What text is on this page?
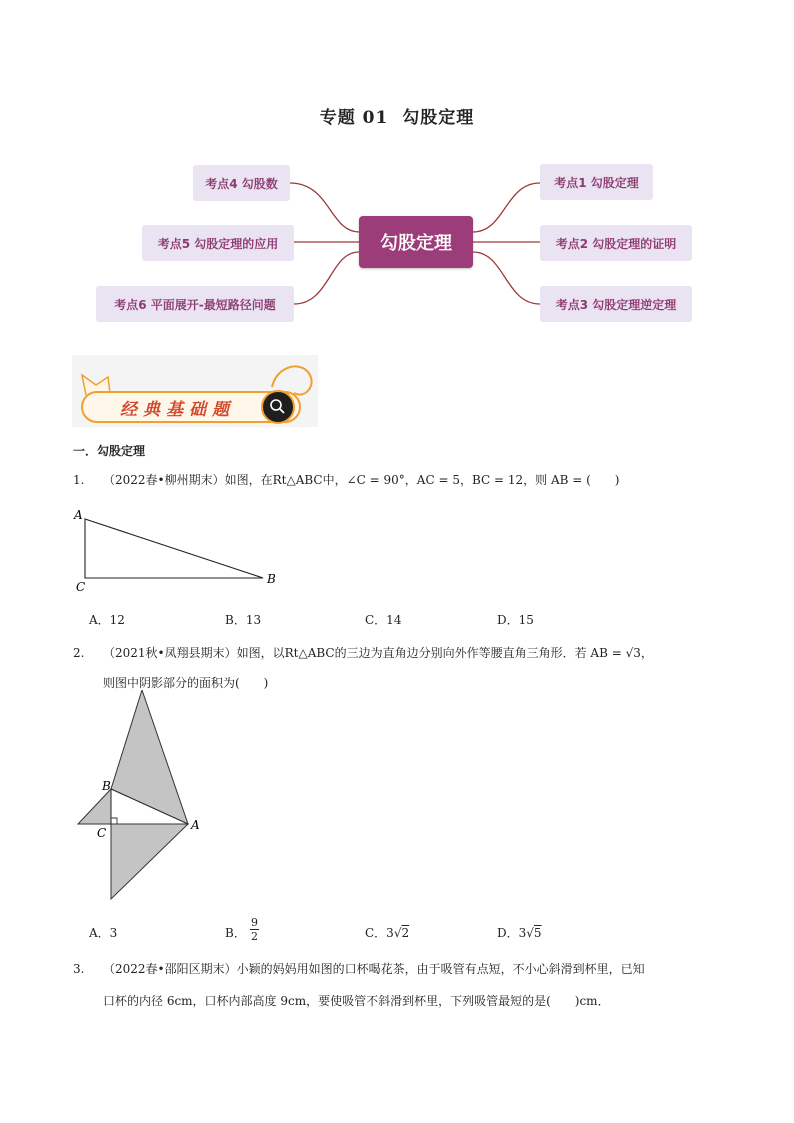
专题 01 勾股定理
勾股定理
考点4 勾股数
考点5 勾股定理的应用
考点6 平面展开-最短路径问题
考点1 勾股定理
考点2 勾股定理的证明
考点3 勾股定理逆定理
经典基础题
一．勾股定理
1. （2022春•柳州期末）如图，在Rt△ABC中，∠C = 90°，AC = 5，BC = 12，则 AB = (　　)
A
C
B
A．12	B．13	C．14	D．15
2. （2021秋•凤翔县期末）如图，以Rt△ABC的三边为直角边分别向外作等腰直角三角形．若 AB = √3，
则图中阴影部分的面积为(　　)
B
C
A
A．3	B．
9
2	C．3√2	D．3√5
3. （2022春•邵阳区期末）小颖的妈妈用如图的口杯喝花茶，由于吸管有点短，不小心斜滑到杯里，已知
口杯的内径 6cm，口杯内部高度 9cm，要使吸管不斜滑到杯里，下列吸管最短的是(　　)cm．
